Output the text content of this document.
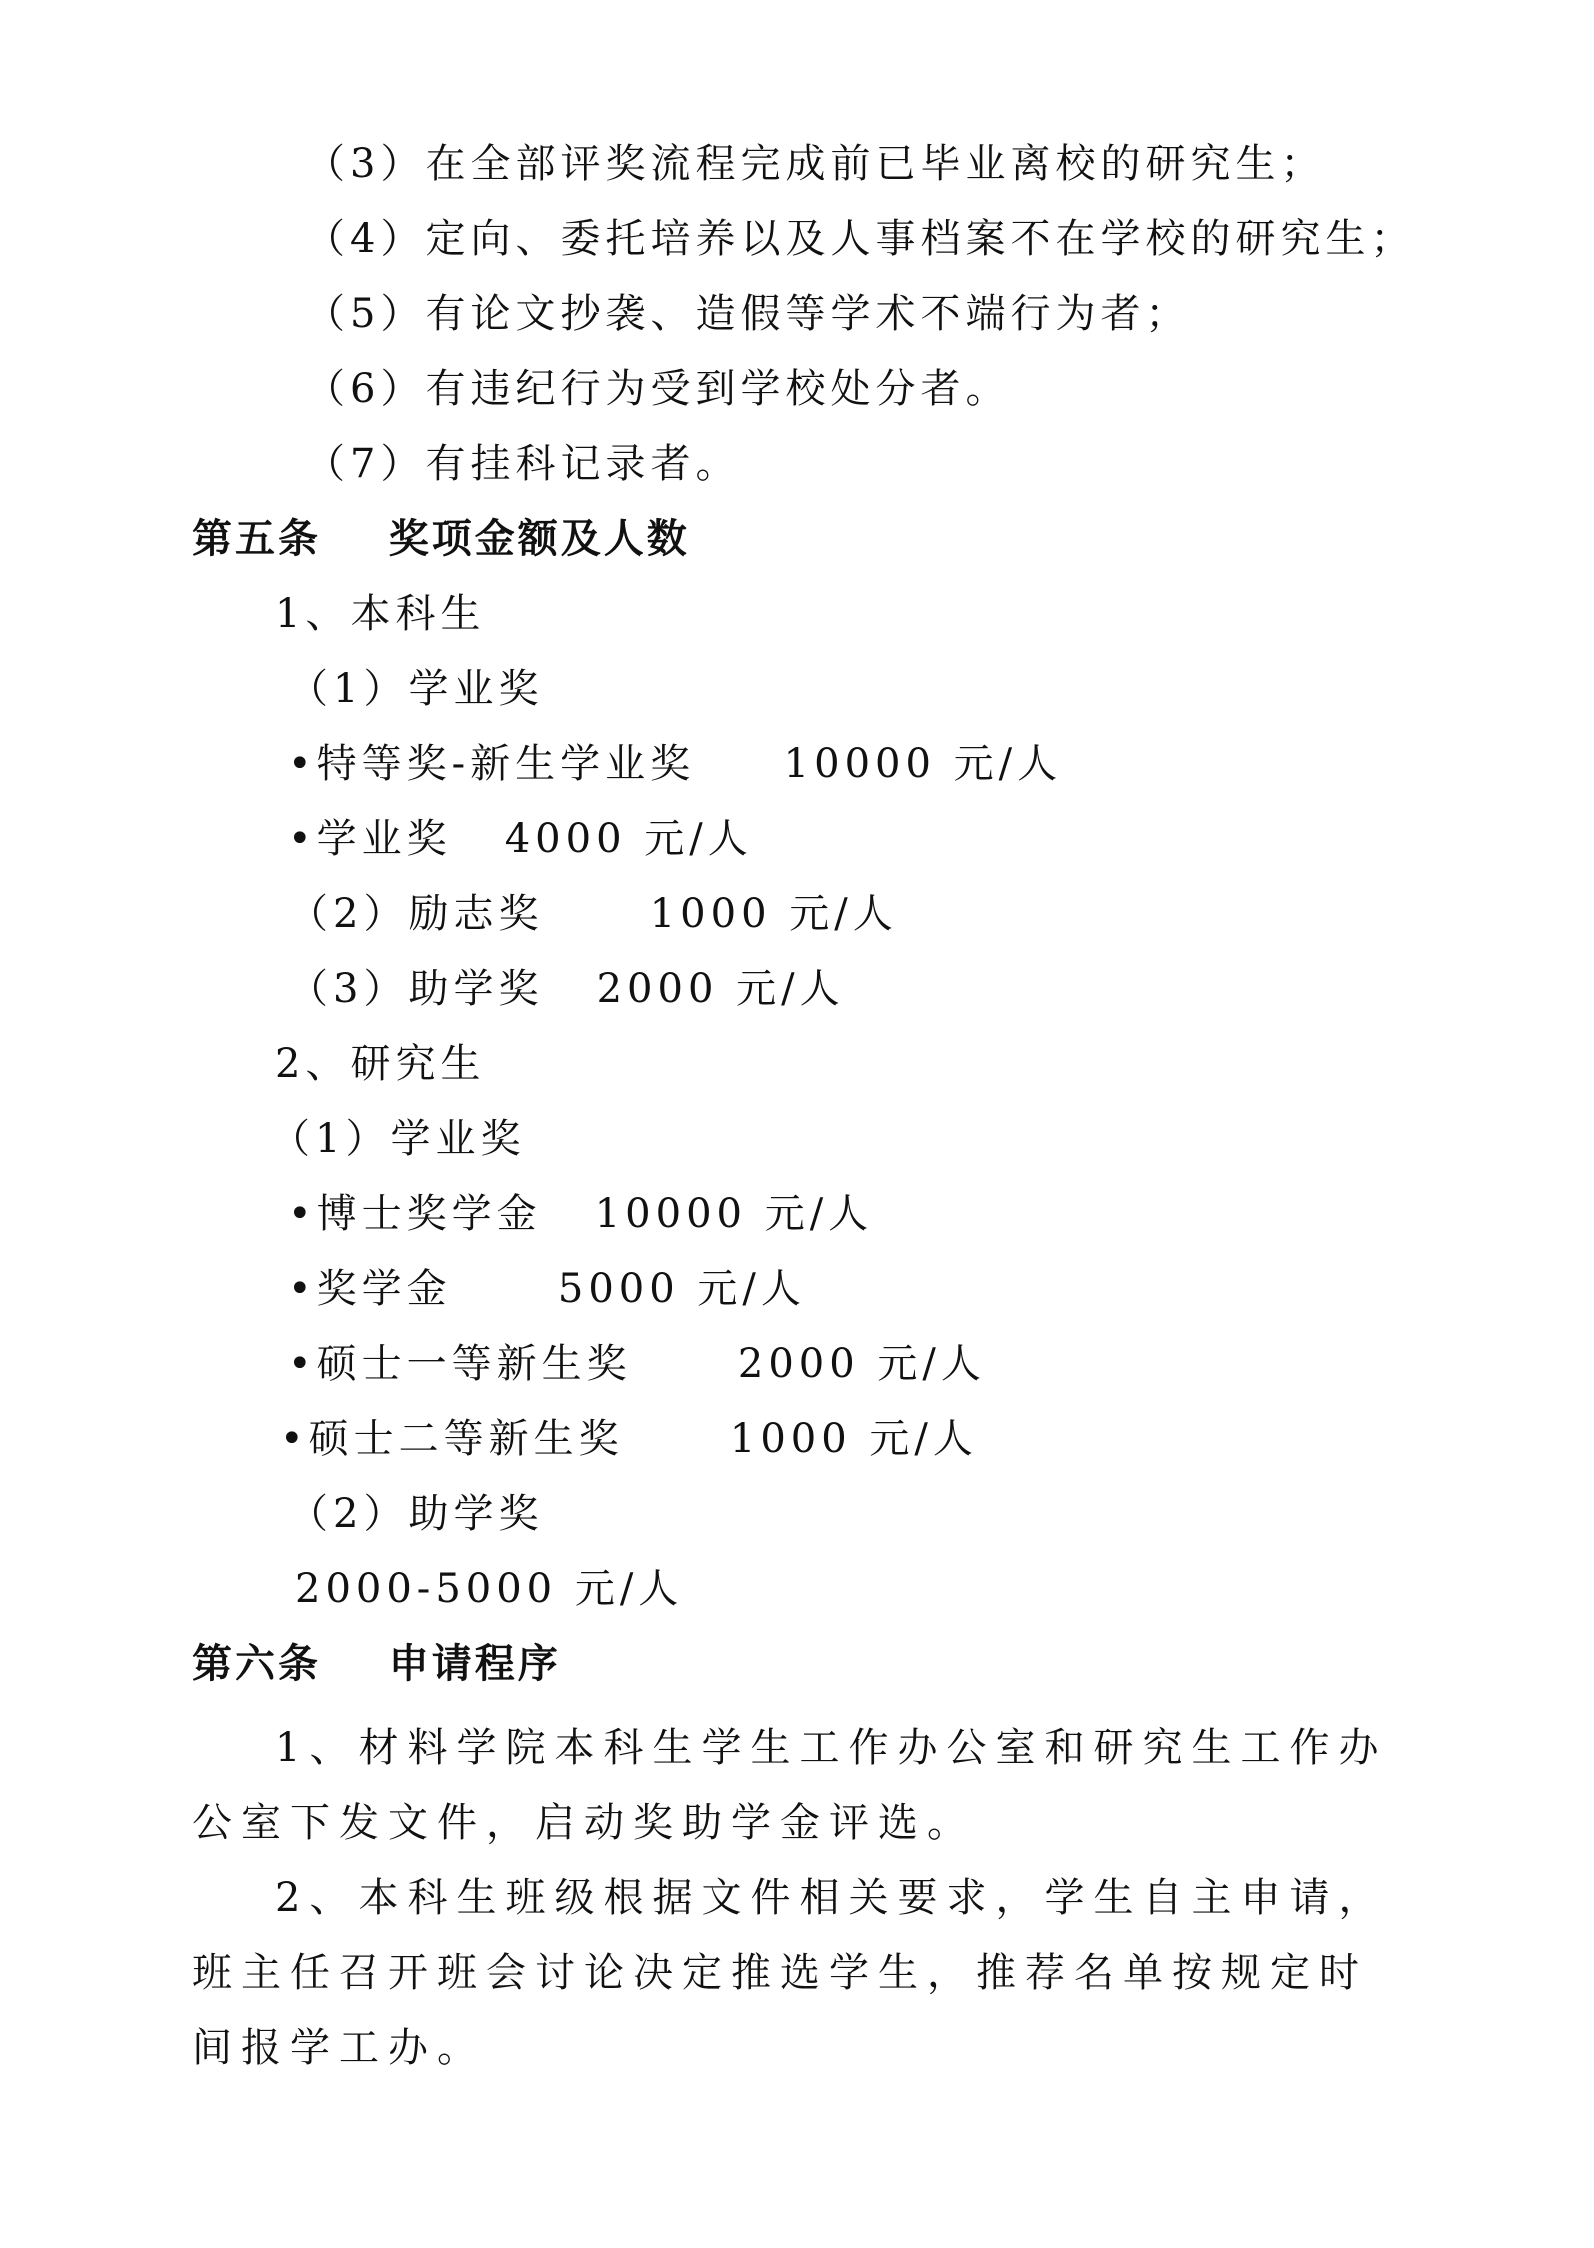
（3）在全部评奖流程完成前已毕业离校的研究生；

（4）定向、委托培养以及人事档案不在学校的研究生；

（5）有论文抄袭、造假等学术不端行为者；

（6）有违纪行为受到学校处分者。

（7）有挂科记录者。

第五条    奖项金额及人数

1、本科生

（1）学业奖

•特等奖-新生学业奖     10000 元/人

•学业奖   4000 元/人

（2）励志奖      1000 元/人

（3）助学奖   2000 元/人

2、研究生

（1）学业奖

•博士奖学金   10000 元/人

•奖学金      5000 元/人

•硕士一等新生奖      2000 元/人

•硕士二等新生奖      1000 元/人

（2）助学奖

2000-5000 元/人

第六条    申请程序

1、材料学院本科生学生工作办公室和研究生工作办公室下发文件，启动奖助学金评选。

2、本科生班级根据文件相关要求，学生自主申请，班主任召开班会讨论决定推选学生，推荐名单按规定时间报学工办。
